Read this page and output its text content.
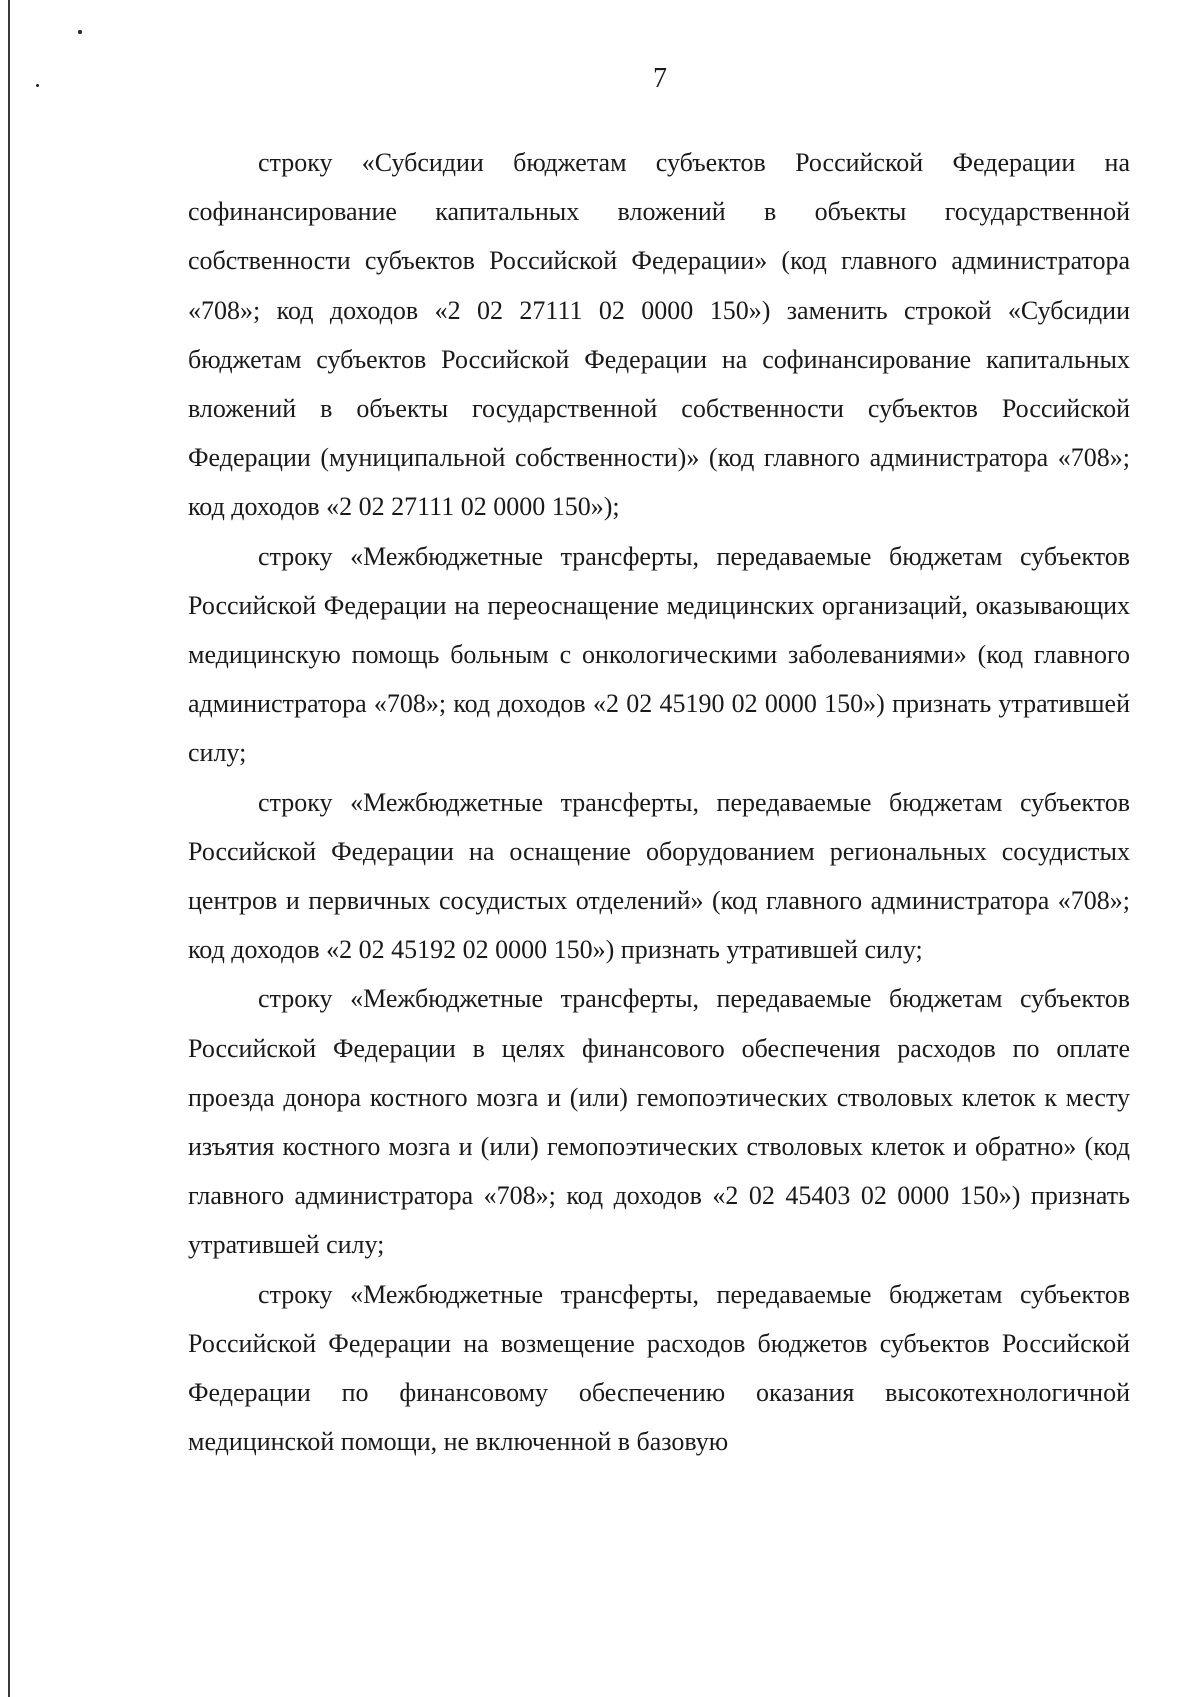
7

строку «Субсидии бюджетам субъектов Российской Федерации на софинансирование капитальных вложений в объекты государственной собственности субъектов Российской Федерации» (код главного администратора «708»; код доходов «2 02 27111 02 0000 150») заменить строкой «Субсидии бюджетам субъектов Российской Федерации на софинансирование капитальных вложений в объекты государственной собственности субъектов Российской Федерации (муниципальной собственности)» (код главного администратора «708»; код доходов «2 02 27111 02 0000 150»);

строку «Межбюджетные трансферты, передаваемые бюджетам субъектов Российской Федерации на переоснащение медицинских организаций, оказывающих медицинскую помощь больным с онкологическими заболеваниями» (код главного администратора «708»; код доходов «2 02 45190 02 0000 150») признать утратившей силу;

строку «Межбюджетные трансферты, передаваемые бюджетам субъектов Российской Федерации на оснащение оборудованием региональных сосудистых центров и первичных сосудистых отделений» (код главного администратора «708»; код доходов «2 02 45192 02 0000 150») признать утратившей силу;

строку «Межбюджетные трансферты, передаваемые бюджетам субъектов Российской Федерации в целях финансового обеспечения расходов по оплате проезда донора костного мозга и (или) гемопоэтических стволовых клеток к месту изъятия костного мозга и (или) гемопоэтических стволовых клеток и обратно» (код главного администратора «708»; код доходов «2 02 45403 02 0000 150») признать утратившей силу;

строку «Межбюджетные трансферты, передаваемые бюджетам субъектов Российской Федерации на возмещение расходов бюджетов субъектов Российской Федерации по финансовому обеспечению оказания высокотехнологичной медицинской помощи, не включенной в базовую
